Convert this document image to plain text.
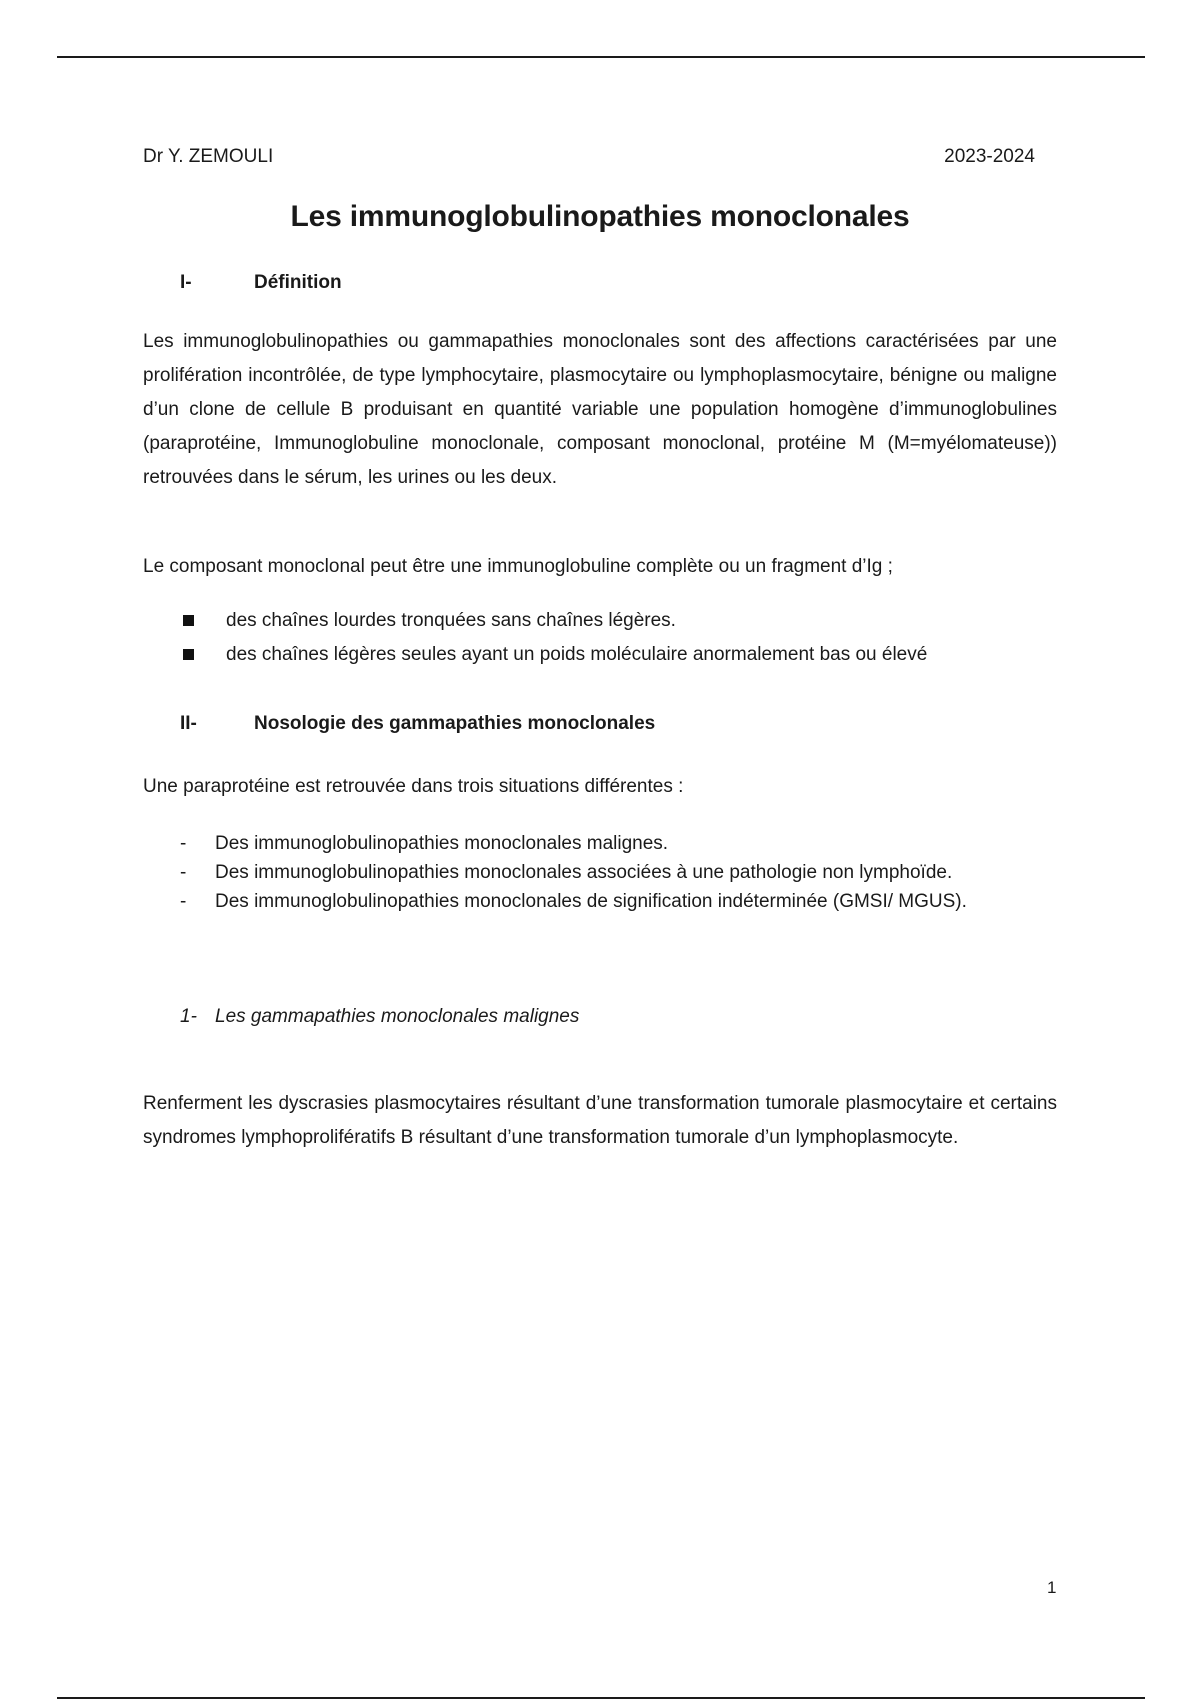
Dr Y. ZEMOULI	2023-2024
Les immunoglobulinopathies monoclonales
I-	Définition

Les immunoglobulinopathies ou gammapathies monoclonales sont des affections caractérisées par une prolifération incontrôlée, de type lymphocytaire, plasmocytaire ou lymphoplasmocytaire, bénigne ou maligne d’un clone de cellule B produisant en quantité variable une population homogène d’immunoglobulines (paraprotéine, Immunoglobuline monoclonale, composant monoclonal, protéine M (M=myélomateuse)) retrouvées dans le sérum, les urines ou les deux.

Le composant monoclonal peut être une immunoglobuline complète ou un fragment d’Ig ;

des chaînes lourdes tronquées sans chaînes légères.
des chaînes légères seules ayant un poids moléculaire anormalement bas ou élevé
II-	Nosologie des gammapathies monoclonales

Une paraprotéine est retrouvée dans trois situations différentes :

- Des immunoglobulinopathies monoclonales malignes.
- Des immunoglobulinopathies monoclonales associées à une pathologie non lymphoïde.
- Des immunoglobulinopathies monoclonales de signification indéterminée (GMSI/ MGUS).
1- Les gammapathies monoclonales malignes

Renferment les dyscrasies plasmocytaires résultant d’une transformation tumorale plasmocytaire et certains syndromes lymphoprolifératifs B résultant d’une transformation tumorale d’un lymphoplasmocyte.

1
